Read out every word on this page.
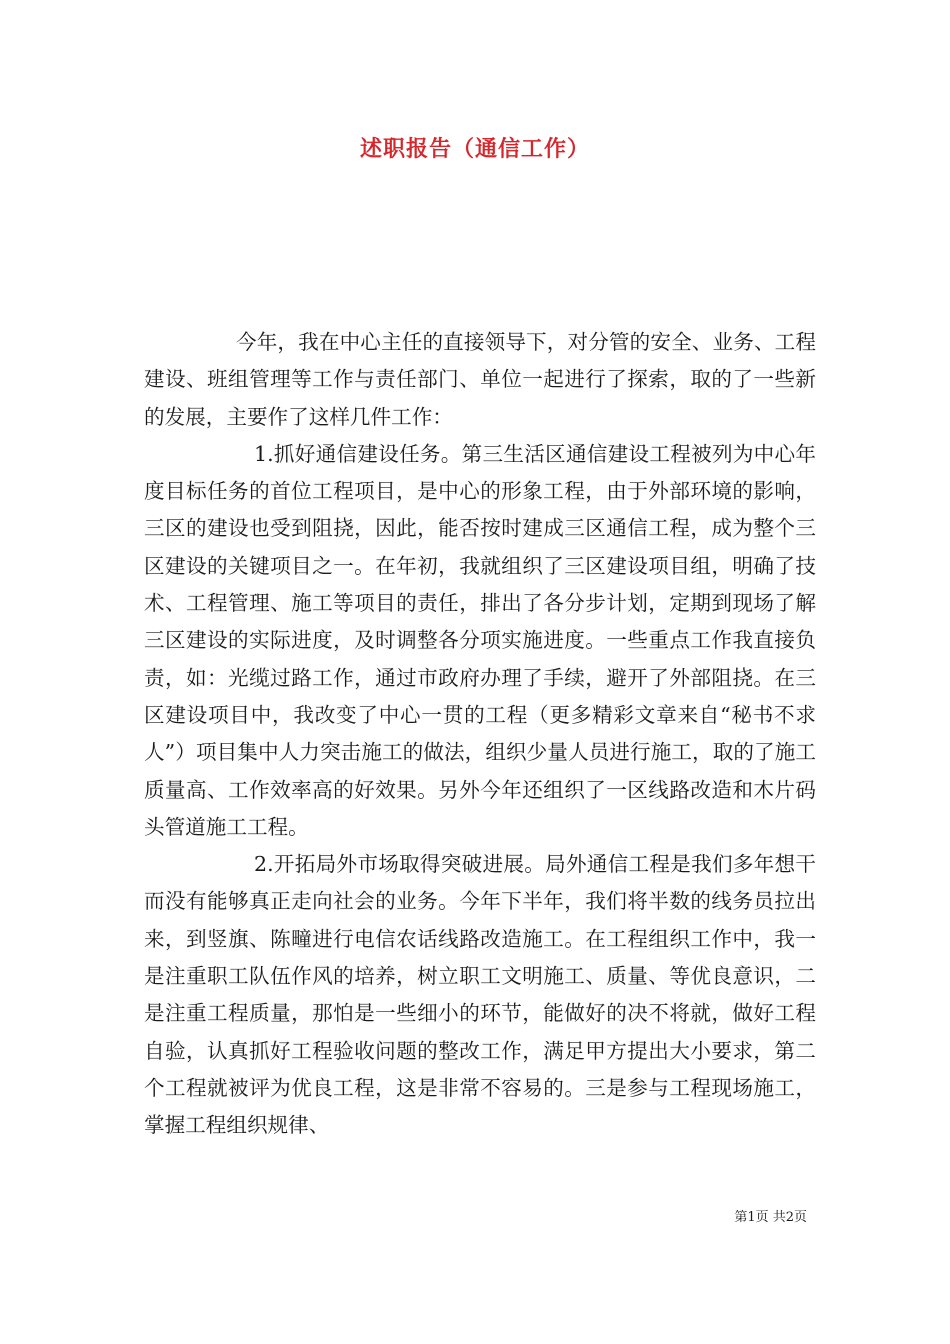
述职报告（通信工作）

今年，我在中心主任的直接领导下，对分管的安全、业务、工程建设、班组管理等工作与责任部门、单位一起进行了探索，取的了一些新的发展，主要作了这样几件工作：

1.抓好通信建设任务。第三生活区通信建设工程被列为中心年度目标任务的首位工程项目，是中心的形象工程，由于外部环境的影响，三区的建设也受到阻挠，因此，能否按时建成三区通信工程，成为整个三区建设的关键项目之一。在年初，我就组织了三区建设项目组，明确了技术、工程管理、施工等项目的责任，排出了各分步计划，定期到现场了解三区建设的实际进度，及时调整各分项实施进度。一些重点工作我直接负责，如：光缆过路工作，通过市政府办理了手续，避开了外部阻挠。在三区建设项目中，我改变了中心一贯的工程（更多精彩文章来自“秘书不求人”）项目集中人力突击施工的做法，组织少量人员进行施工，取的了施工质量高、工作效率高的好效果。另外今年还组织了一区线路改造和木片码头管道施工工程。

2.开拓局外市场取得突破进展。局外通信工程是我们多年想干而没有能够真正走向社会的业务。今年下半年，我们将半数的线务员拉出来，到竖旗、陈疃进行电信农话线路改造施工。在工程组织工作中，我一是注重职工队伍作风的培养，树立职工文明施工、质量、等优良意识，二是注重工程质量，那怕是一些细小的环节，能做好的决不将就，做好工程自验，认真抓好工程验收问题的整改工作，满足甲方提出大小要求，第二个工程就被评为优良工程，这是非常不容易的。三是参与工程现场施工，掌握工程组织规律、

第1页 共2页
